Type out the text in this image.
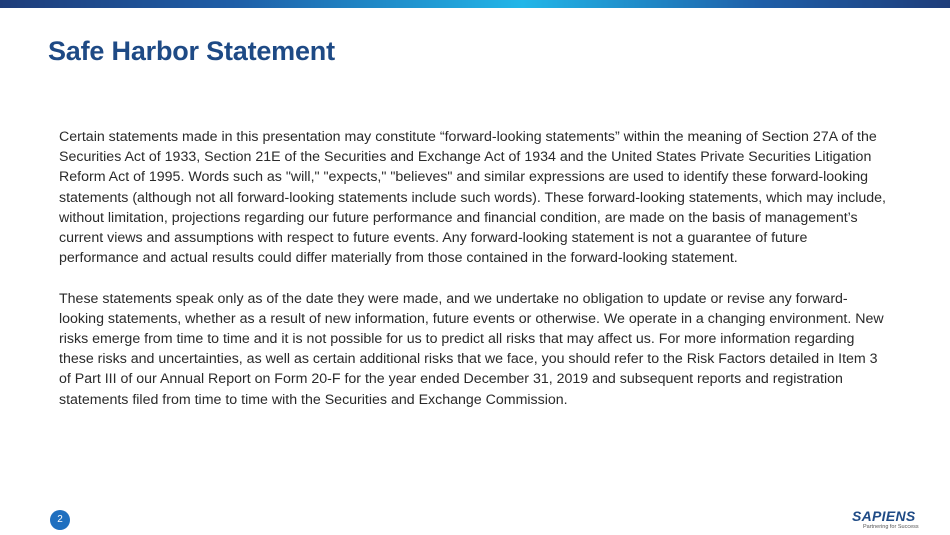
Safe Harbor Statement

Certain statements made in this presentation may constitute “forward-looking statements” within the meaning of Section 27A of the Securities Act of 1933, Section 21E of the Securities and Exchange Act of 1934 and the United States Private Securities Litigation Reform Act of 1995. Words such as "will," "expects," "believes" and similar expressions are used to identify these forward-looking statements (although not all forward-looking statements include such words). These forward-looking statements, which may include, without limitation, projections regarding our future performance and financial condition, are made on the basis of management’s current views and assumptions with respect to future events. Any forward-looking statement is not a guarantee of future performance and actual results could differ materially from those contained in the forward-looking statement.

These statements speak only as of the date they were made, and we undertake no obligation to update or revise any forward-looking statements, whether as a result of new information, future events or otherwise. We operate in a changing environment. New risks emerge from time to time and it is not possible for us to predict all risks that may affect us. For more information regarding these risks and uncertainties, as well as certain additional risks that we face, you should refer to the Risk Factors detailed in Item 3 of Part III of our Annual Report on Form 20-F for the year ended December 31, 2019 and subsequent reports and registration statements filed from time to time with the Securities and Exchange Commission.

2	SAPIENS
Partnering for Success
